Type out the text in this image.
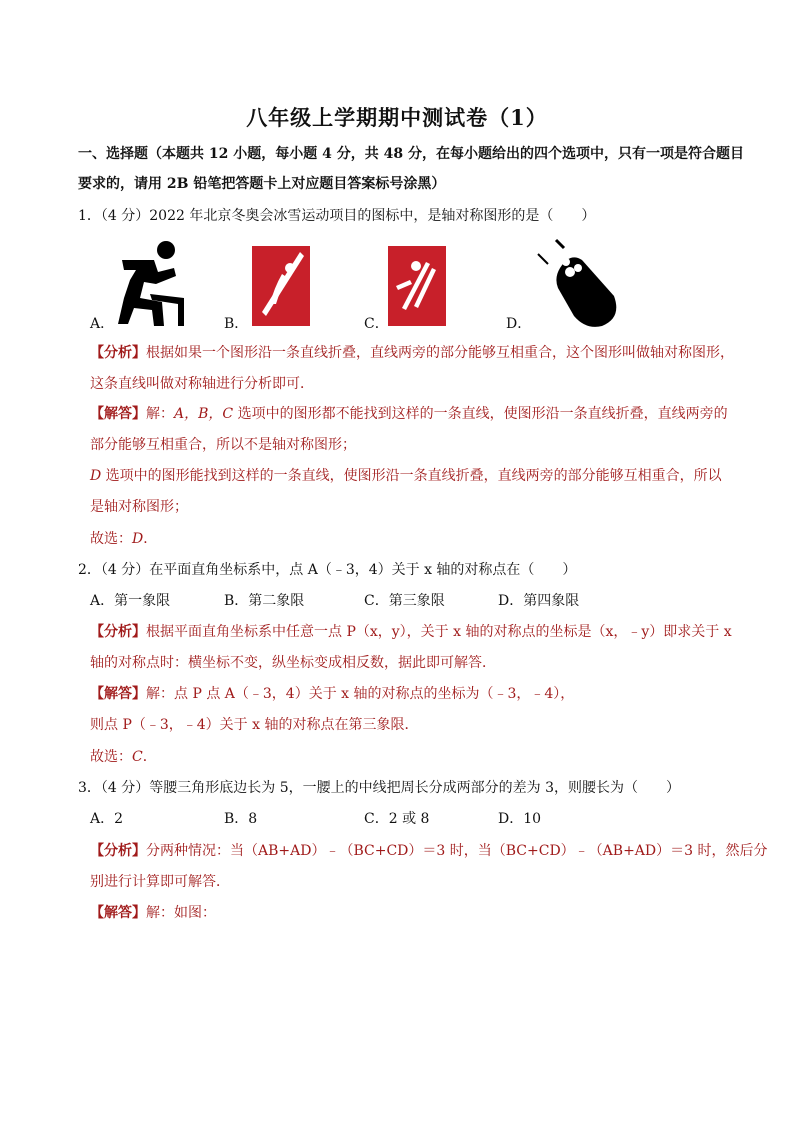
八年级上学期期中测试卷（1）
一、选择题（本题共 12 小题，每小题 4 分，共 48 分，在每小题给出的四个选项中，只有一项是符合题目
要求的，请用 2B 铅笔把答题卡上对应题目答案标号涂黑）
1．（4 分）2022 年北京冬奥会冰雪运动项目的图标中，是轴对称图形的是（　　）
A．	B．	C．	D．
【分析】根据如果一个图形沿一条直线折叠，直线两旁的部分能够互相重合，这个图形叫做轴对称图形，
这条直线叫做对称轴进行分析即可．
【解答】解：A，B，C 选项中的图形都不能找到这样的一条直线，使图形沿一条直线折叠，直线两旁的
部分能够互相重合，所以不是轴对称图形；
D 选项中的图形能找到这样的一条直线，使图形沿一条直线折叠，直线两旁的部分能够互相重合，所以
是轴对称图形；
故选：D．
2．（4 分）在平面直角坐标系中，点 A（﹣3，4）关于 x 轴的对称点在（　　）
A．第一象限	B．第二象限	C．第三象限	D．第四象限
【分析】根据平面直角坐标系中任意一点 P（x，y），关于 x 轴的对称点的坐标是（x，﹣y）即求关于 x
轴的对称点时：横坐标不变，纵坐标变成相反数，据此即可解答．
【解答】解：点 P 点 A（﹣3，4）关于 x 轴的对称点的坐标为（﹣3，﹣4），
则点 P（﹣3，﹣4）关于 x 轴的对称点在第三象限．
故选：C．
3．（4 分）等腰三角形底边长为 5，一腰上的中线把周长分成两部分的差为 3，则腰长为（　　）
A．2	B．8	C．2 或 8	D．10
【分析】分两种情况：当（AB+AD）﹣（BC+CD）＝3 时，当（BC+CD）﹣（AB+AD）＝3 时，然后分
别进行计算即可解答．
【解答】解：如图：
